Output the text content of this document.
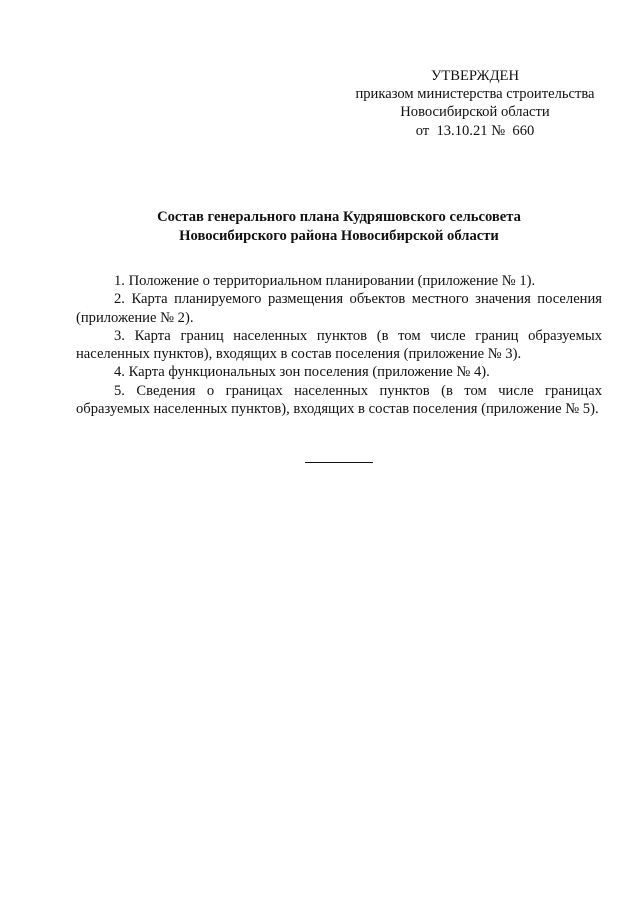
УТВЕРЖДЕН
приказом министерства строительства
Новосибирской области
от  13.10.21 №  660
Состав генерального плана Кудряшовского сельсовета
Новосибирского района Новосибирской области

1. Положение о территориальном планировании (приложение № 1).

2. Карта планируемого размещения объектов местного значения поселения (приложение № 2).

3. Карта границ населенных пунктов (в том числе границ образуемых населенных пунктов), входящих в состав поселения (приложение № 3).

4. Карта функциональных зон поселения (приложение № 4).

5. Сведения о границах населенных пунктов (в том числе границах образуемых населенных пунктов), входящих в состав поселения (приложение № 5).
